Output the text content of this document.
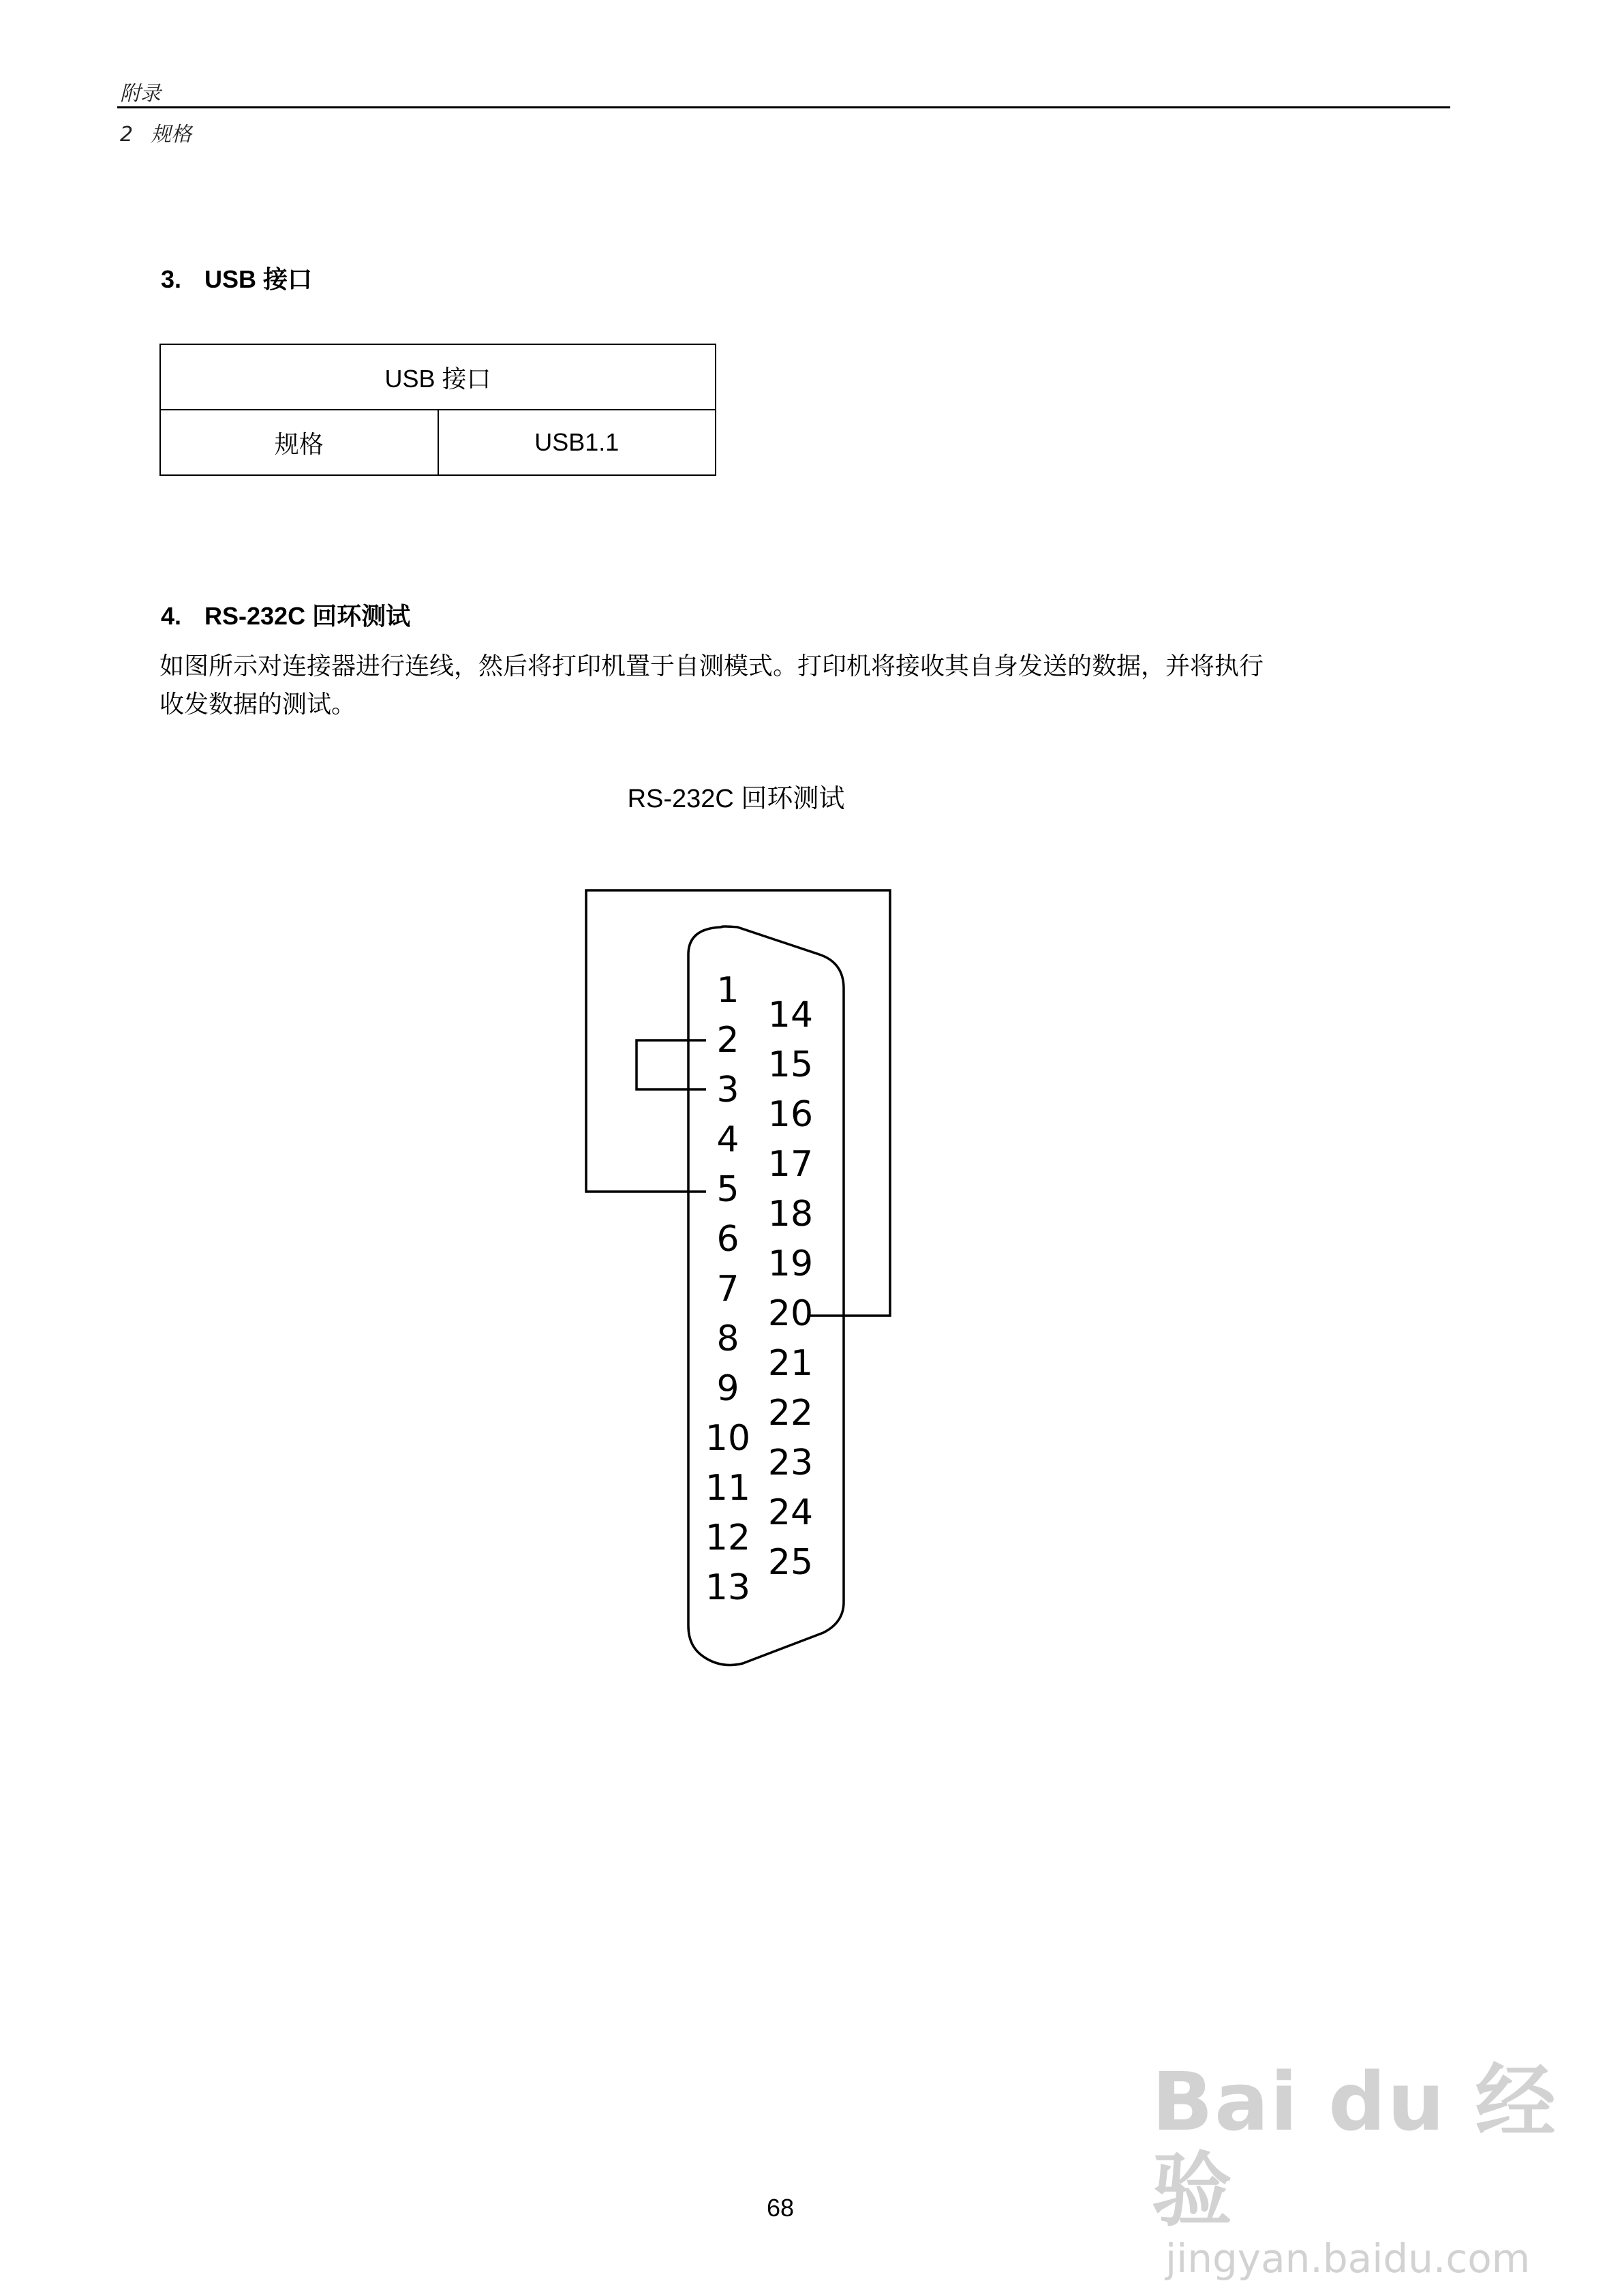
附录
2 规格
3. USB 接口
USB 接口
规格	USB1.1
4. RS-232C 回环测试
如图所示对连接器进行连线，然后将打印机置于自测模式。打印机将接收其自身发送的数据，并将执行
收发数据的测试。
RS-232C 回环测试
1
2
3
4
5
6
7
8
9
10
11
12
13
14
15
16
17
18
19
20
21
22
23
24
25
68
Bai du 经验
jingyan.baidu.com
